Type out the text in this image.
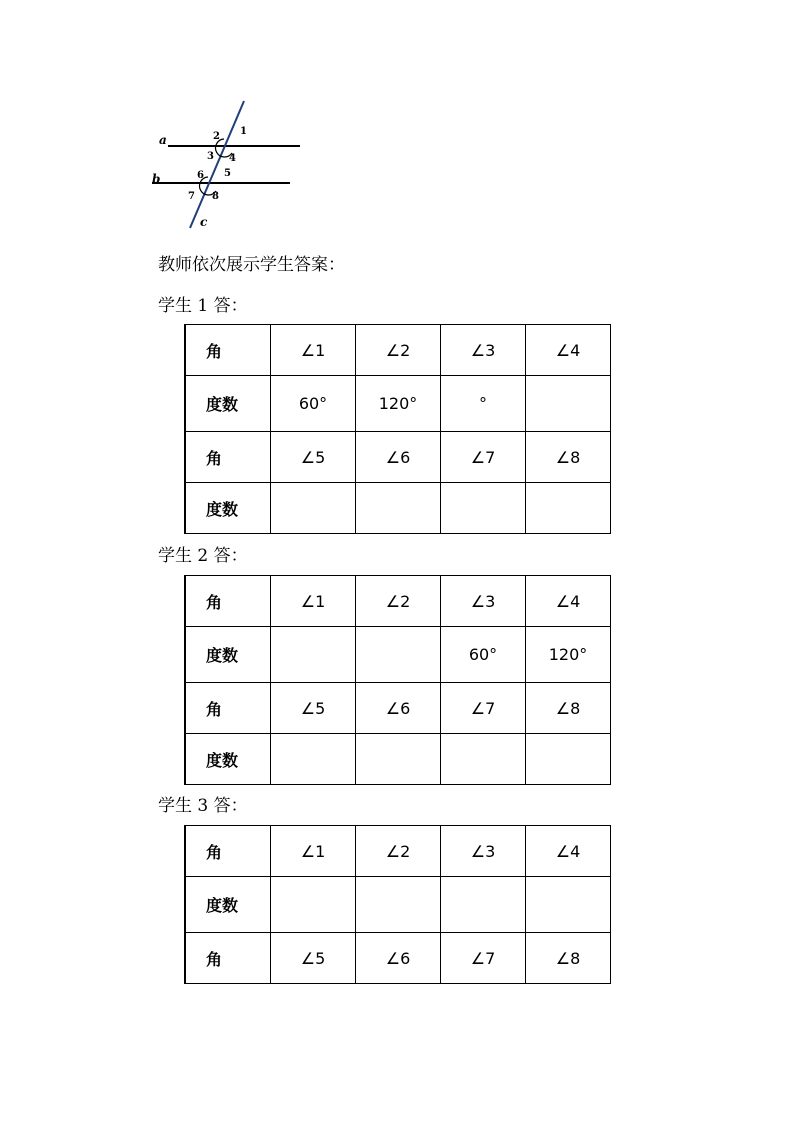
a
b
c
1
2
3 4
5
6
7 8
教师依次展示学生答案：
学生 1 答：
角	∠1	∠2	∠3	∠4
度数	60°	120°	°	
角	∠5	∠6	∠7	∠8
度数				
学生 2 答：
角	∠1	∠2	∠3	∠4
度数			60°	120°
角	∠5	∠6	∠7	∠8
度数				
学生 3 答：
角	∠1	∠2	∠3	∠4
度数				
角	∠5	∠6	∠7	∠8
